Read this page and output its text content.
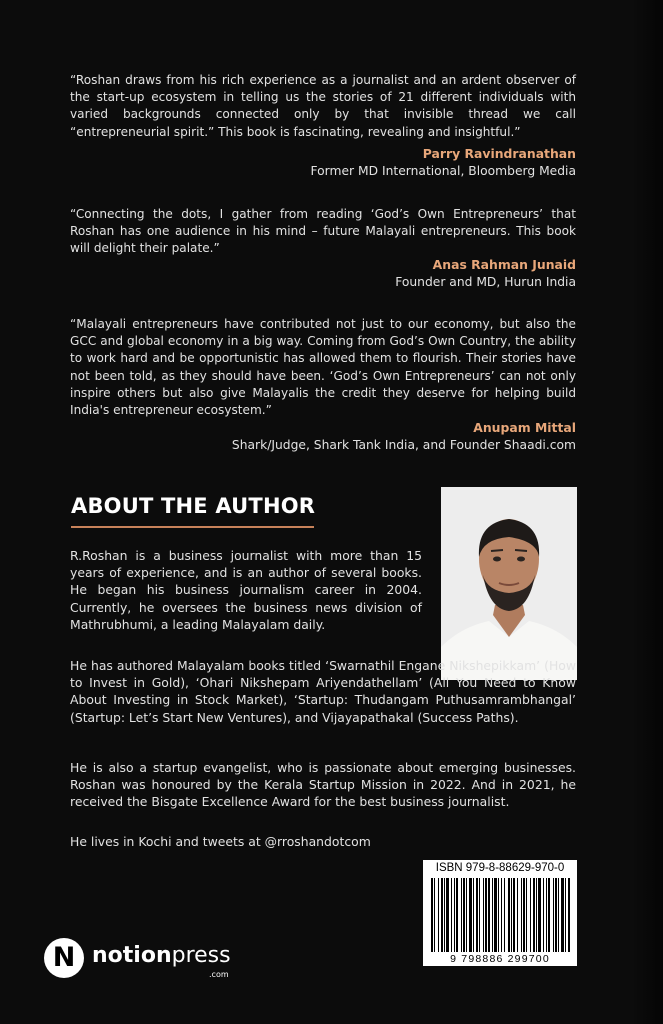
“Roshan draws from his rich experience as a journalist and an ardent observer of the start-up ecosystem in telling us the stories of 21 different individuals with varied backgrounds connected only by that invisible thread we call “entrepreneurial spirit.” This book is fascinating, revealing and insightful.”
Parry Ravindranathan
Former MD International, Bloomberg Media
“Connecting the dots, I gather from reading ‘God’s Own Entrepreneurs’ that Roshan has one audience in his mind – future Malayali entrepreneurs. This book will delight their palate.”
Anas Rahman Junaid
Founder and MD, Hurun India
“Malayali entrepreneurs have contributed not just to our economy, but also the GCC and global economy in a big way. Coming from God’s Own Country, the ability to work hard and be opportunistic has allowed them to flourish. Their stories have not been told, as they should have been. ‘God’s Own Entrepreneurs’ can not only inspire others but also give Malayalis the credit they deserve for helping build India's entrepreneur ecosystem.”
Anupam Mittal
Shark/Judge, Shark Tank India, and Founder Shaadi.com
ABOUT THE AUTHOR
R.Roshan is a business journalist with more than 15 years of experience, and is an author of several books. He began his business journalism career in 2004. Currently, he oversees the business news division of Mathrubhumi, a leading Malayalam daily.
He has authored Malayalam books titled ‘Swarnathil Engane Nikshepikkam’ (How to Invest in Gold), ‘Ohari Nikshepam Ariyendathellam’ (All You Need to Know About Investing in Stock Market), ‘Startup: Thudangam Puthusamrambhangal’ (Startup: Let’s Start New Ventures), and Vijayapathakal (Success Paths).
He is also a startup evangelist, who is passionate about emerging businesses. Roshan was honoured by the Kerala Startup Mission in 2022. And in 2021, he received the Bisgate Excellence Award for the best business journalist.
He lives in Kochi and tweets at @rroshandotcom
ISBN 979-8-88629-970-0
9 798886 299700
N notionpress
.com
